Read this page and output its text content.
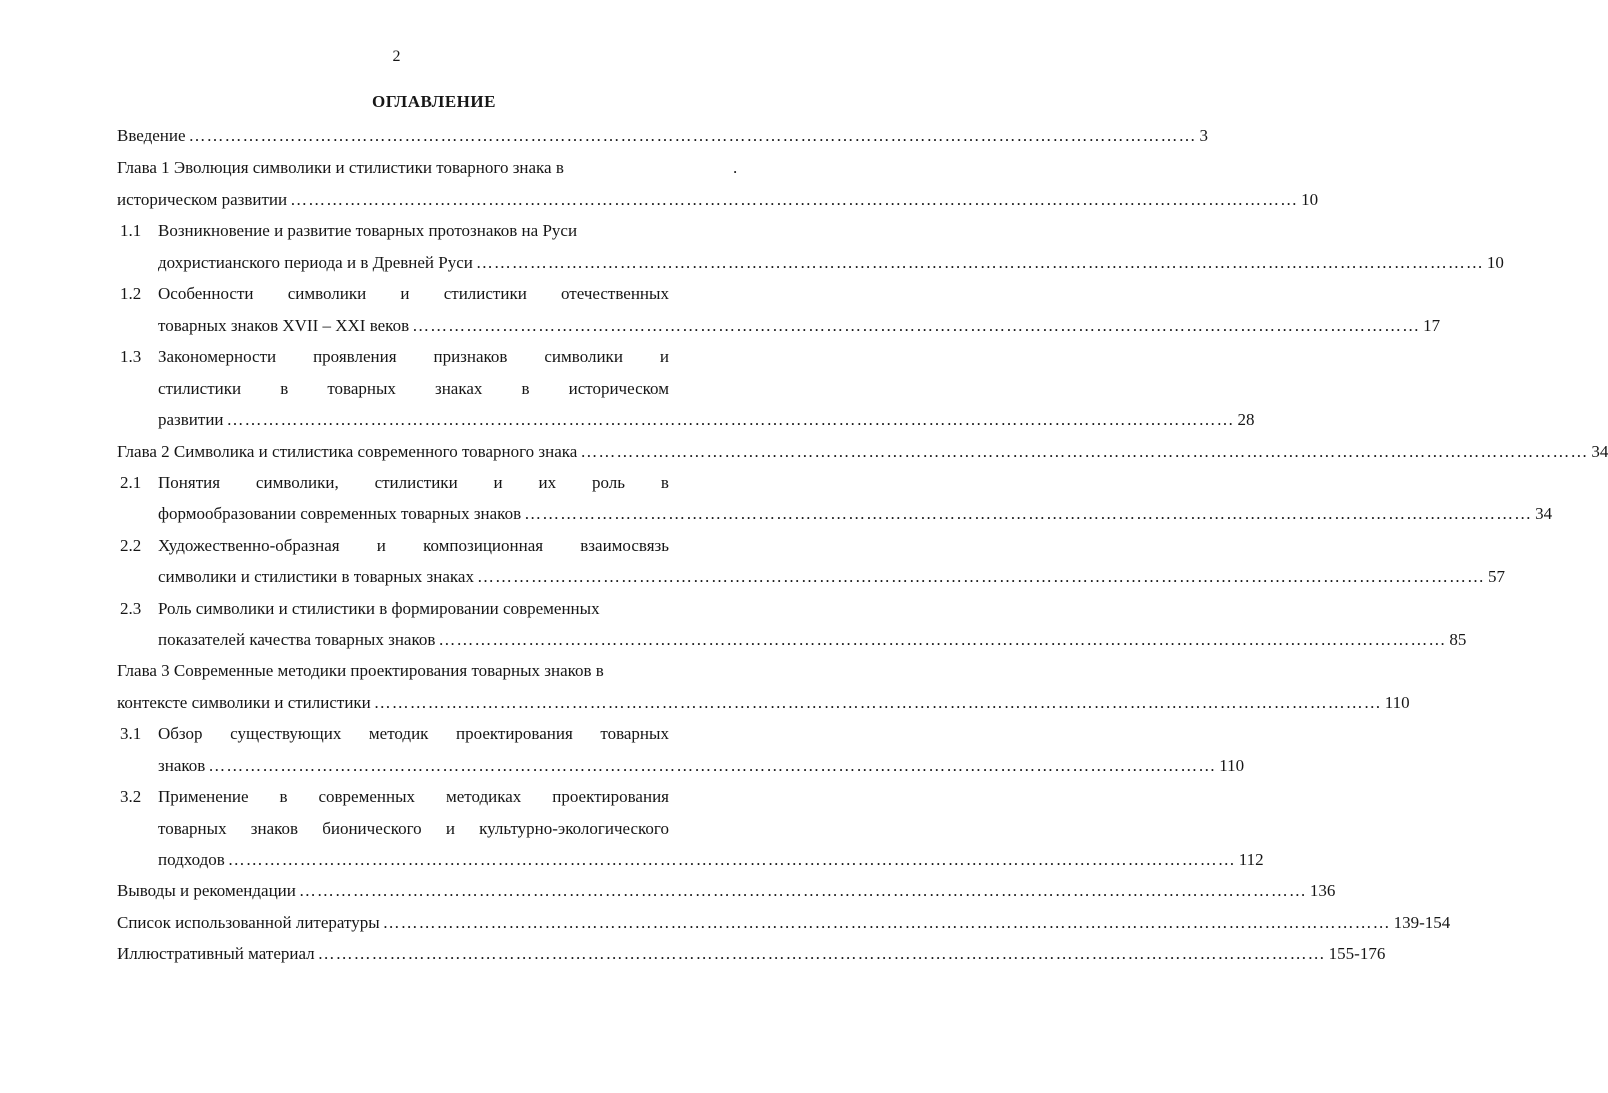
2
ОГЛАВЛЕНИЕ
.
Введение …………………………………………………………………………………………………………………………………………………… 3
Глава 1 Эволюция символики и стилистики товарного знака в
историческом развитии …………………………………………………………………………………………………………………………………………………… 10
1.1 Возникновение и развитие товарных протознаков на Руси
дохристианского периода и в Древней Руси …………………………………………………………………………………………………………………………………………………… 10
1.2 Особенности символики и стилистики отечественных
товарных знаков XVII – XXI веков …………………………………………………………………………………………………………………………………………………… 17
1.3 Закономерности проявления признаков символики и
стилистики в товарных знаках в историческом
развитии …………………………………………………………………………………………………………………………………………………… 28
Глава 2 Символика и стилистика современного товарного знака …………………………………………………………………………………………………………………………………………………… 34
2.1 Понятия символики, стилистики и их роль в
формообразовании современных товарных знаков …………………………………………………………………………………………………………………………………………………… 34
2.2 Художественно-образная и композиционная взаимосвязь
символики и стилистики в товарных знаках …………………………………………………………………………………………………………………………………………………… 57
2.3 Роль символики и стилистики в формировании современных
показателей качества товарных знаков …………………………………………………………………………………………………………………………………………………… 85
Глава 3 Современные методики проектирования товарных знаков в
контексте символики и стилистики …………………………………………………………………………………………………………………………………………………… 110
3.1 Обзор существующих методик проектирования товарных
знаков …………………………………………………………………………………………………………………………………………………… 110
3.2 Применение в современных методиках проектирования
товарных знаков бионического и культурно-экологического
подходов …………………………………………………………………………………………………………………………………………………… 112
Выводы и рекомендации …………………………………………………………………………………………………………………………………………………… 136
Список использованной литературы …………………………………………………………………………………………………………………………………………………… 139-154
Иллюстративный материал …………………………………………………………………………………………………………………………………………………… 155-176
